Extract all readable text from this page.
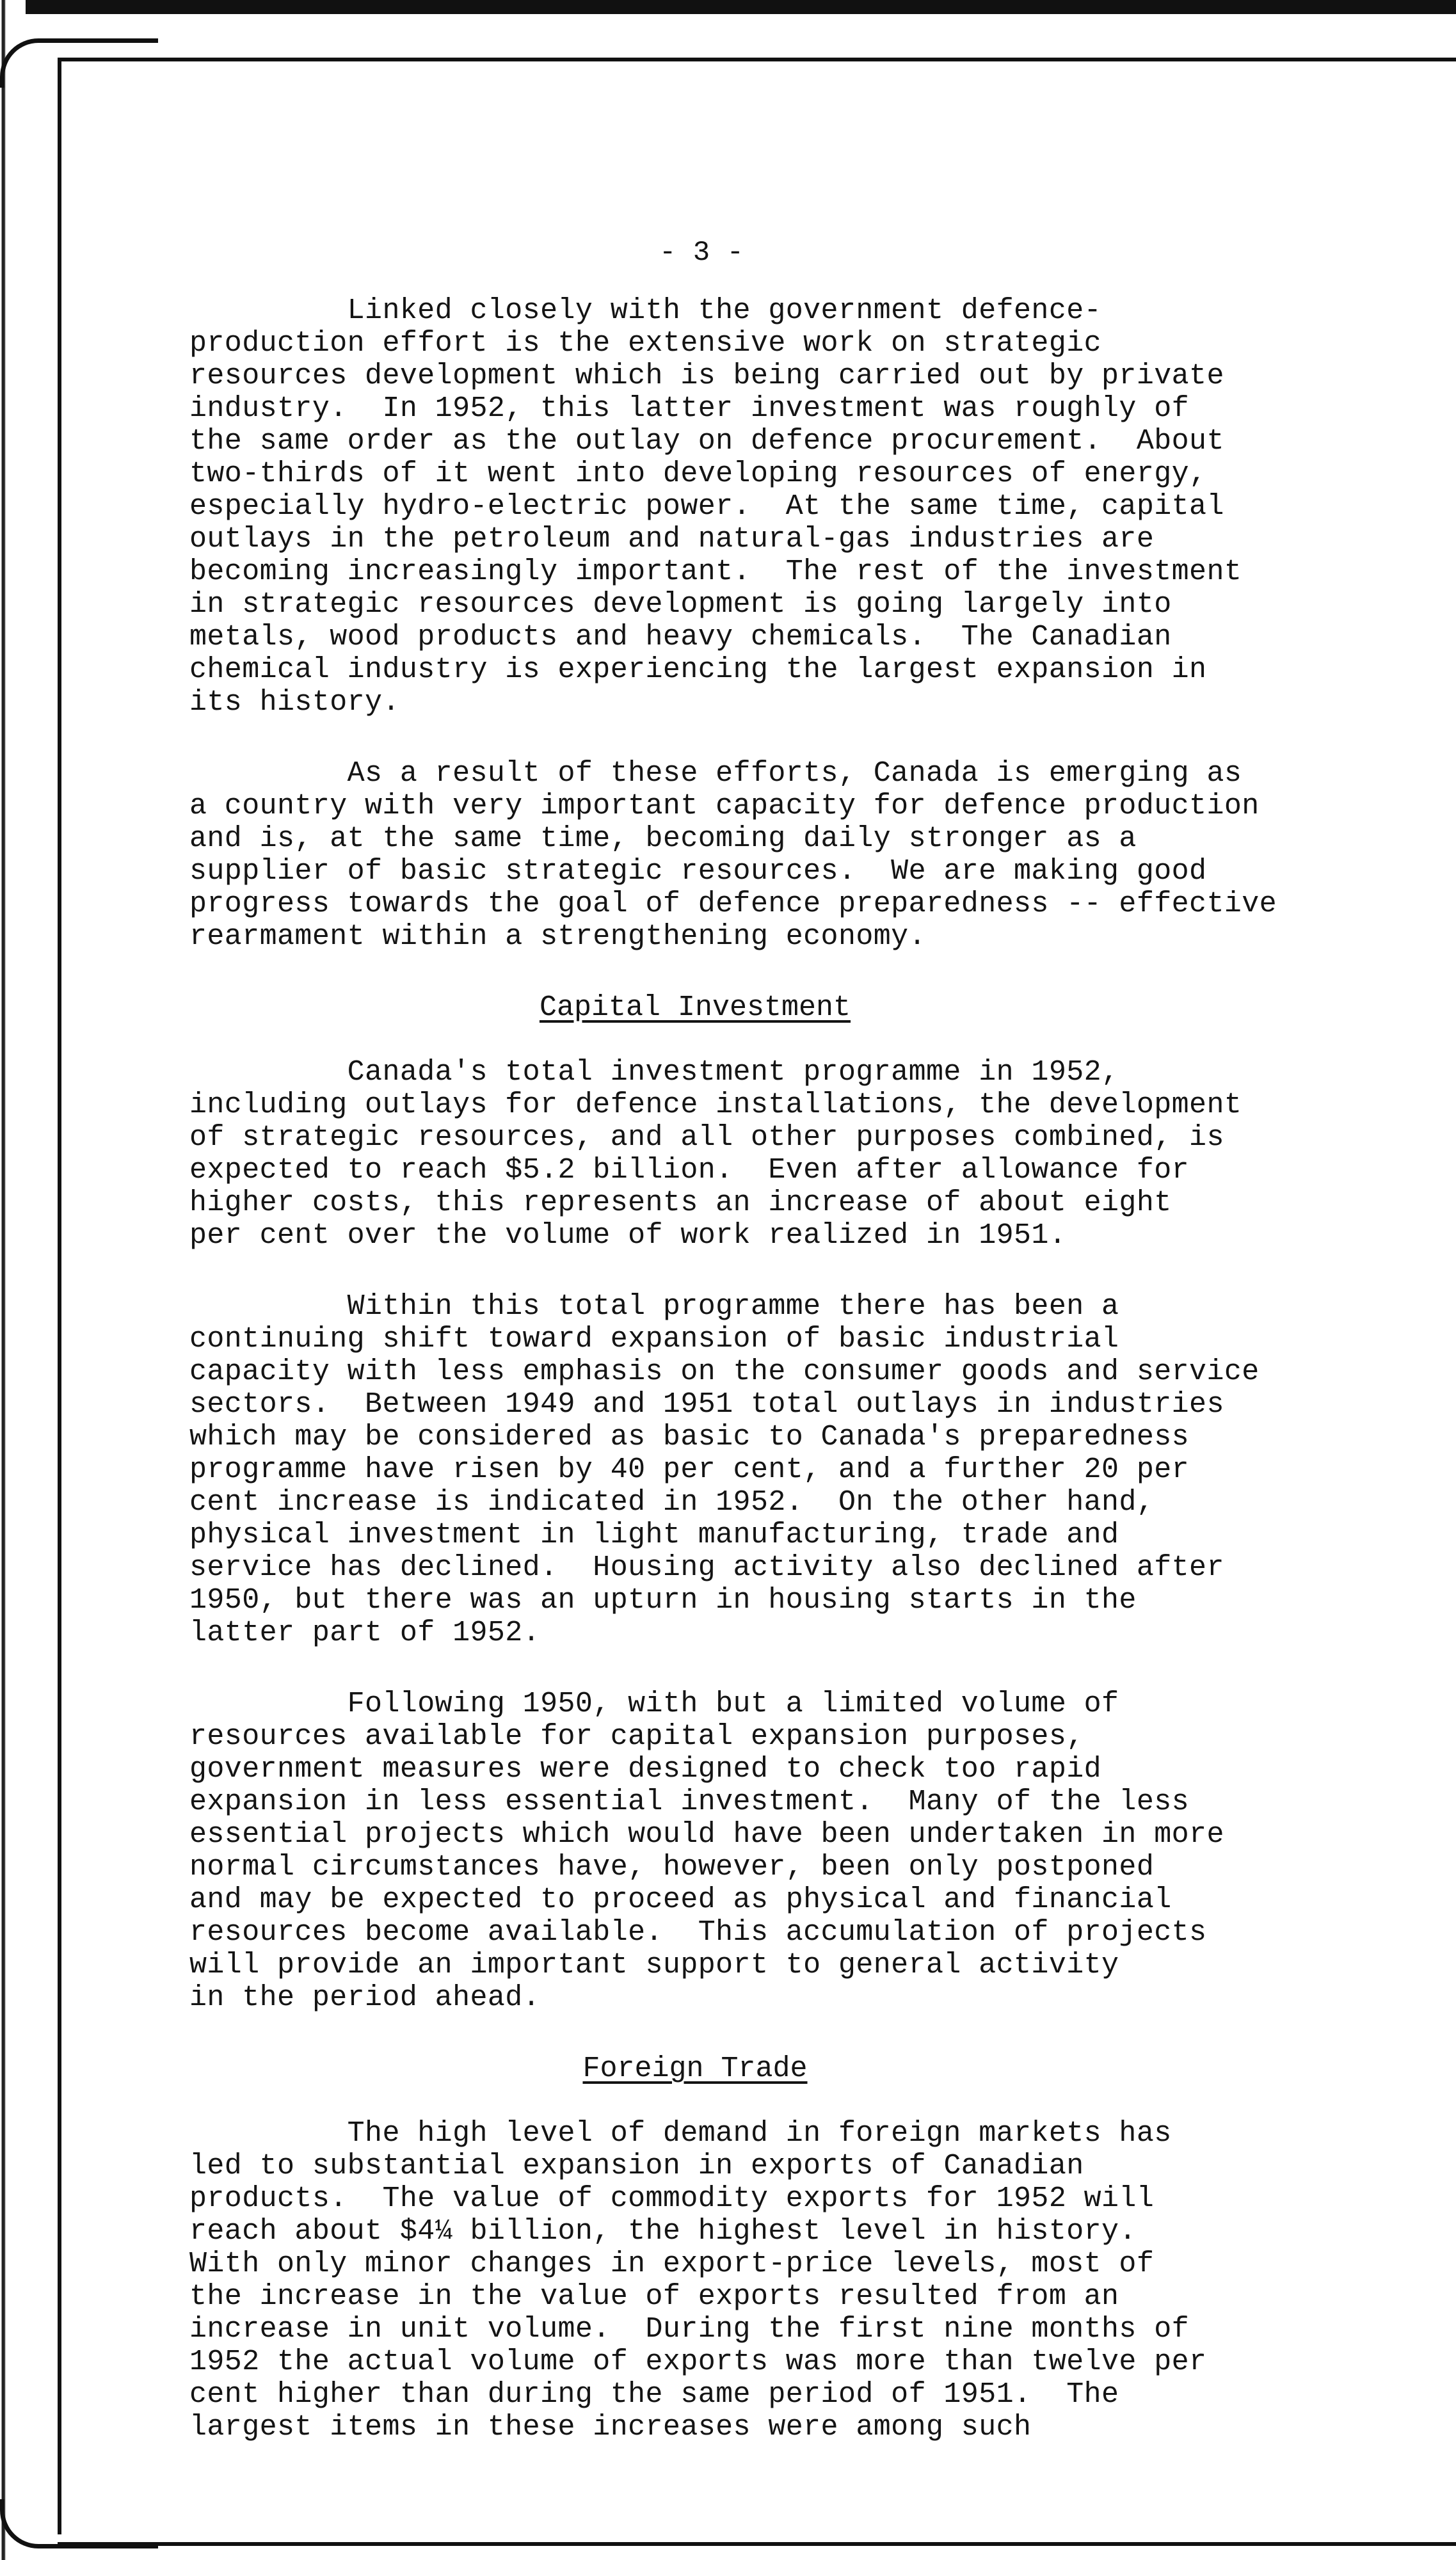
- 3 -

Linked closely with the government defence-
production effort is the extensive work on strategic
resources development which is being carried out by private
industry.  In 1952, this latter investment was roughly of
the same order as the outlay on defence procurement.  About
two-thirds of it went into developing resources of energy,
especially hydro-electric power.  At the same time, capital
outlays in the petroleum and natural-gas industries are
becoming increasingly important.  The rest of the investment
in strategic resources development is going largely into
metals, wood products and heavy chemicals.  The Canadian
chemical industry is experiencing the largest expansion in
its history.

As a result of these efforts, Canada is emerging as
a country with very important capacity for defence production
and is, at the same time, becoming daily stronger as a
supplier of basic strategic resources.  We are making good
progress towards the goal of defence preparedness -- effective
rearmament within a strengthening economy.

Capital Investment

Canada's total investment programme in 1952,
including outlays for defence installations, the development
of strategic resources, and all other purposes combined, is
expected to reach $5.2 billion.  Even after allowance for
higher costs, this represents an increase of about eight
per cent over the volume of work realized in 1951.

Within this total programme there has been a
continuing shift toward expansion of basic industrial
capacity with less emphasis on the consumer goods and service
sectors.  Between 1949 and 1951 total outlays in industries
which may be considered as basic to Canada's preparedness
programme have risen by 40 per cent, and a further 20 per
cent increase is indicated in 1952.  On the other hand,
physical investment in light manufacturing, trade and
service has declined.  Housing activity also declined after
1950, but there was an upturn in housing starts in the
latter part of 1952.

Following 1950, with but a limited volume of
resources available for capital expansion purposes,
government measures were designed to check too rapid
expansion in less essential investment.  Many of the less
essential projects which would have been undertaken in more
normal circumstances have, however, been only postponed
and may be expected to proceed as physical and financial
resources become available.  This accumulation of projects
will provide an important support to general activity
in the period ahead.

Foreign Trade

The high level of demand in foreign markets has
led to substantial expansion in exports of Canadian
products.  The value of commodity exports for 1952 will
reach about $4¼ billion, the highest level in history.
With only minor changes in export-price levels, most of
the increase in the value of exports resulted from an
increase in unit volume.  During the first nine months of
1952 the actual volume of exports was more than twelve per
cent higher than during the same period of 1951.  The
largest items in these increases were among such
